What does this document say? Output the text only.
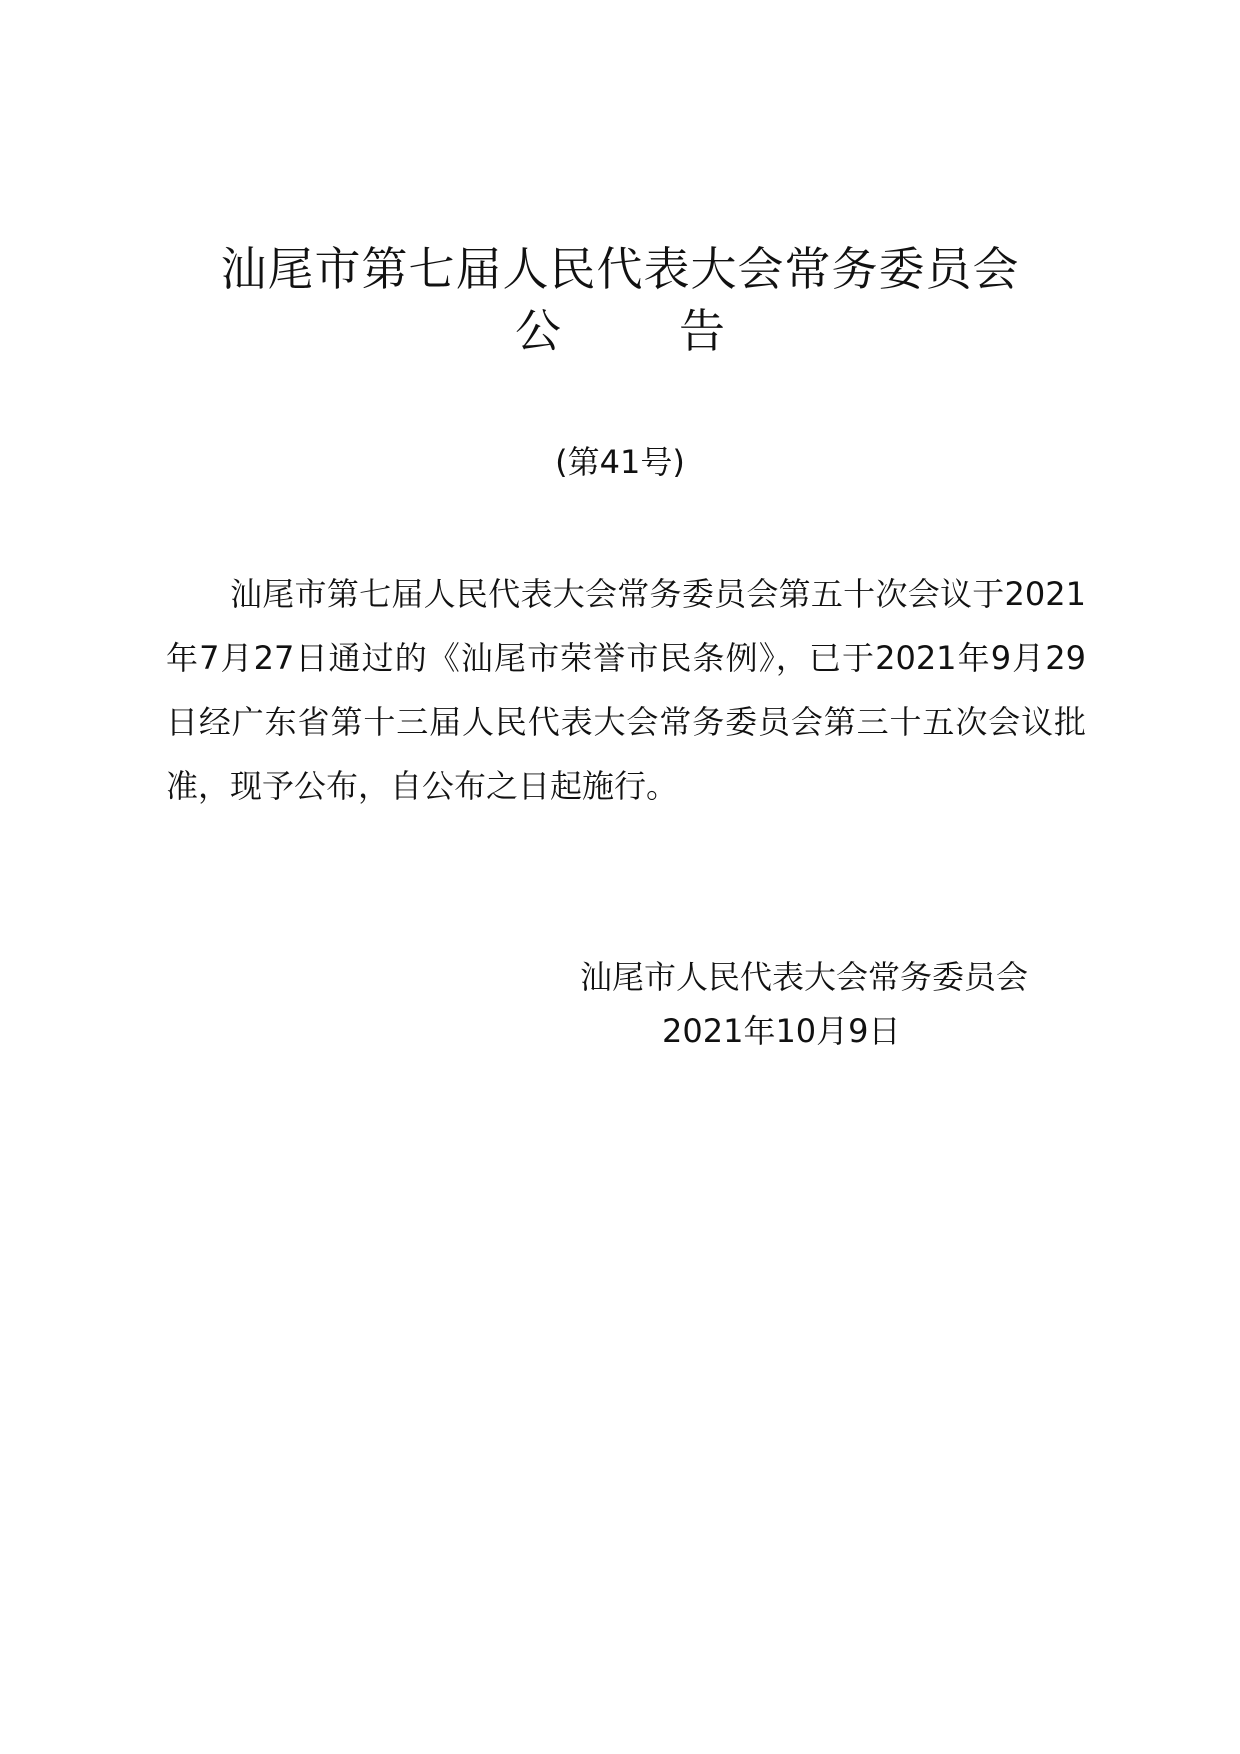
汕尾市第七届人民代表大会常务委员会
公	告
(第41号)

汕尾市第七届人民代表大会常务委员会第五十次会议于2021年7月27日通过的《汕尾市荣誉市民条例》，已于2021年9月29日经广东省第十三届人民代表大会常务委员会第三十五次会议批准，现予公布，自公布之日起施行。

汕尾市人民代表大会常务委员会
2021年10月9日
